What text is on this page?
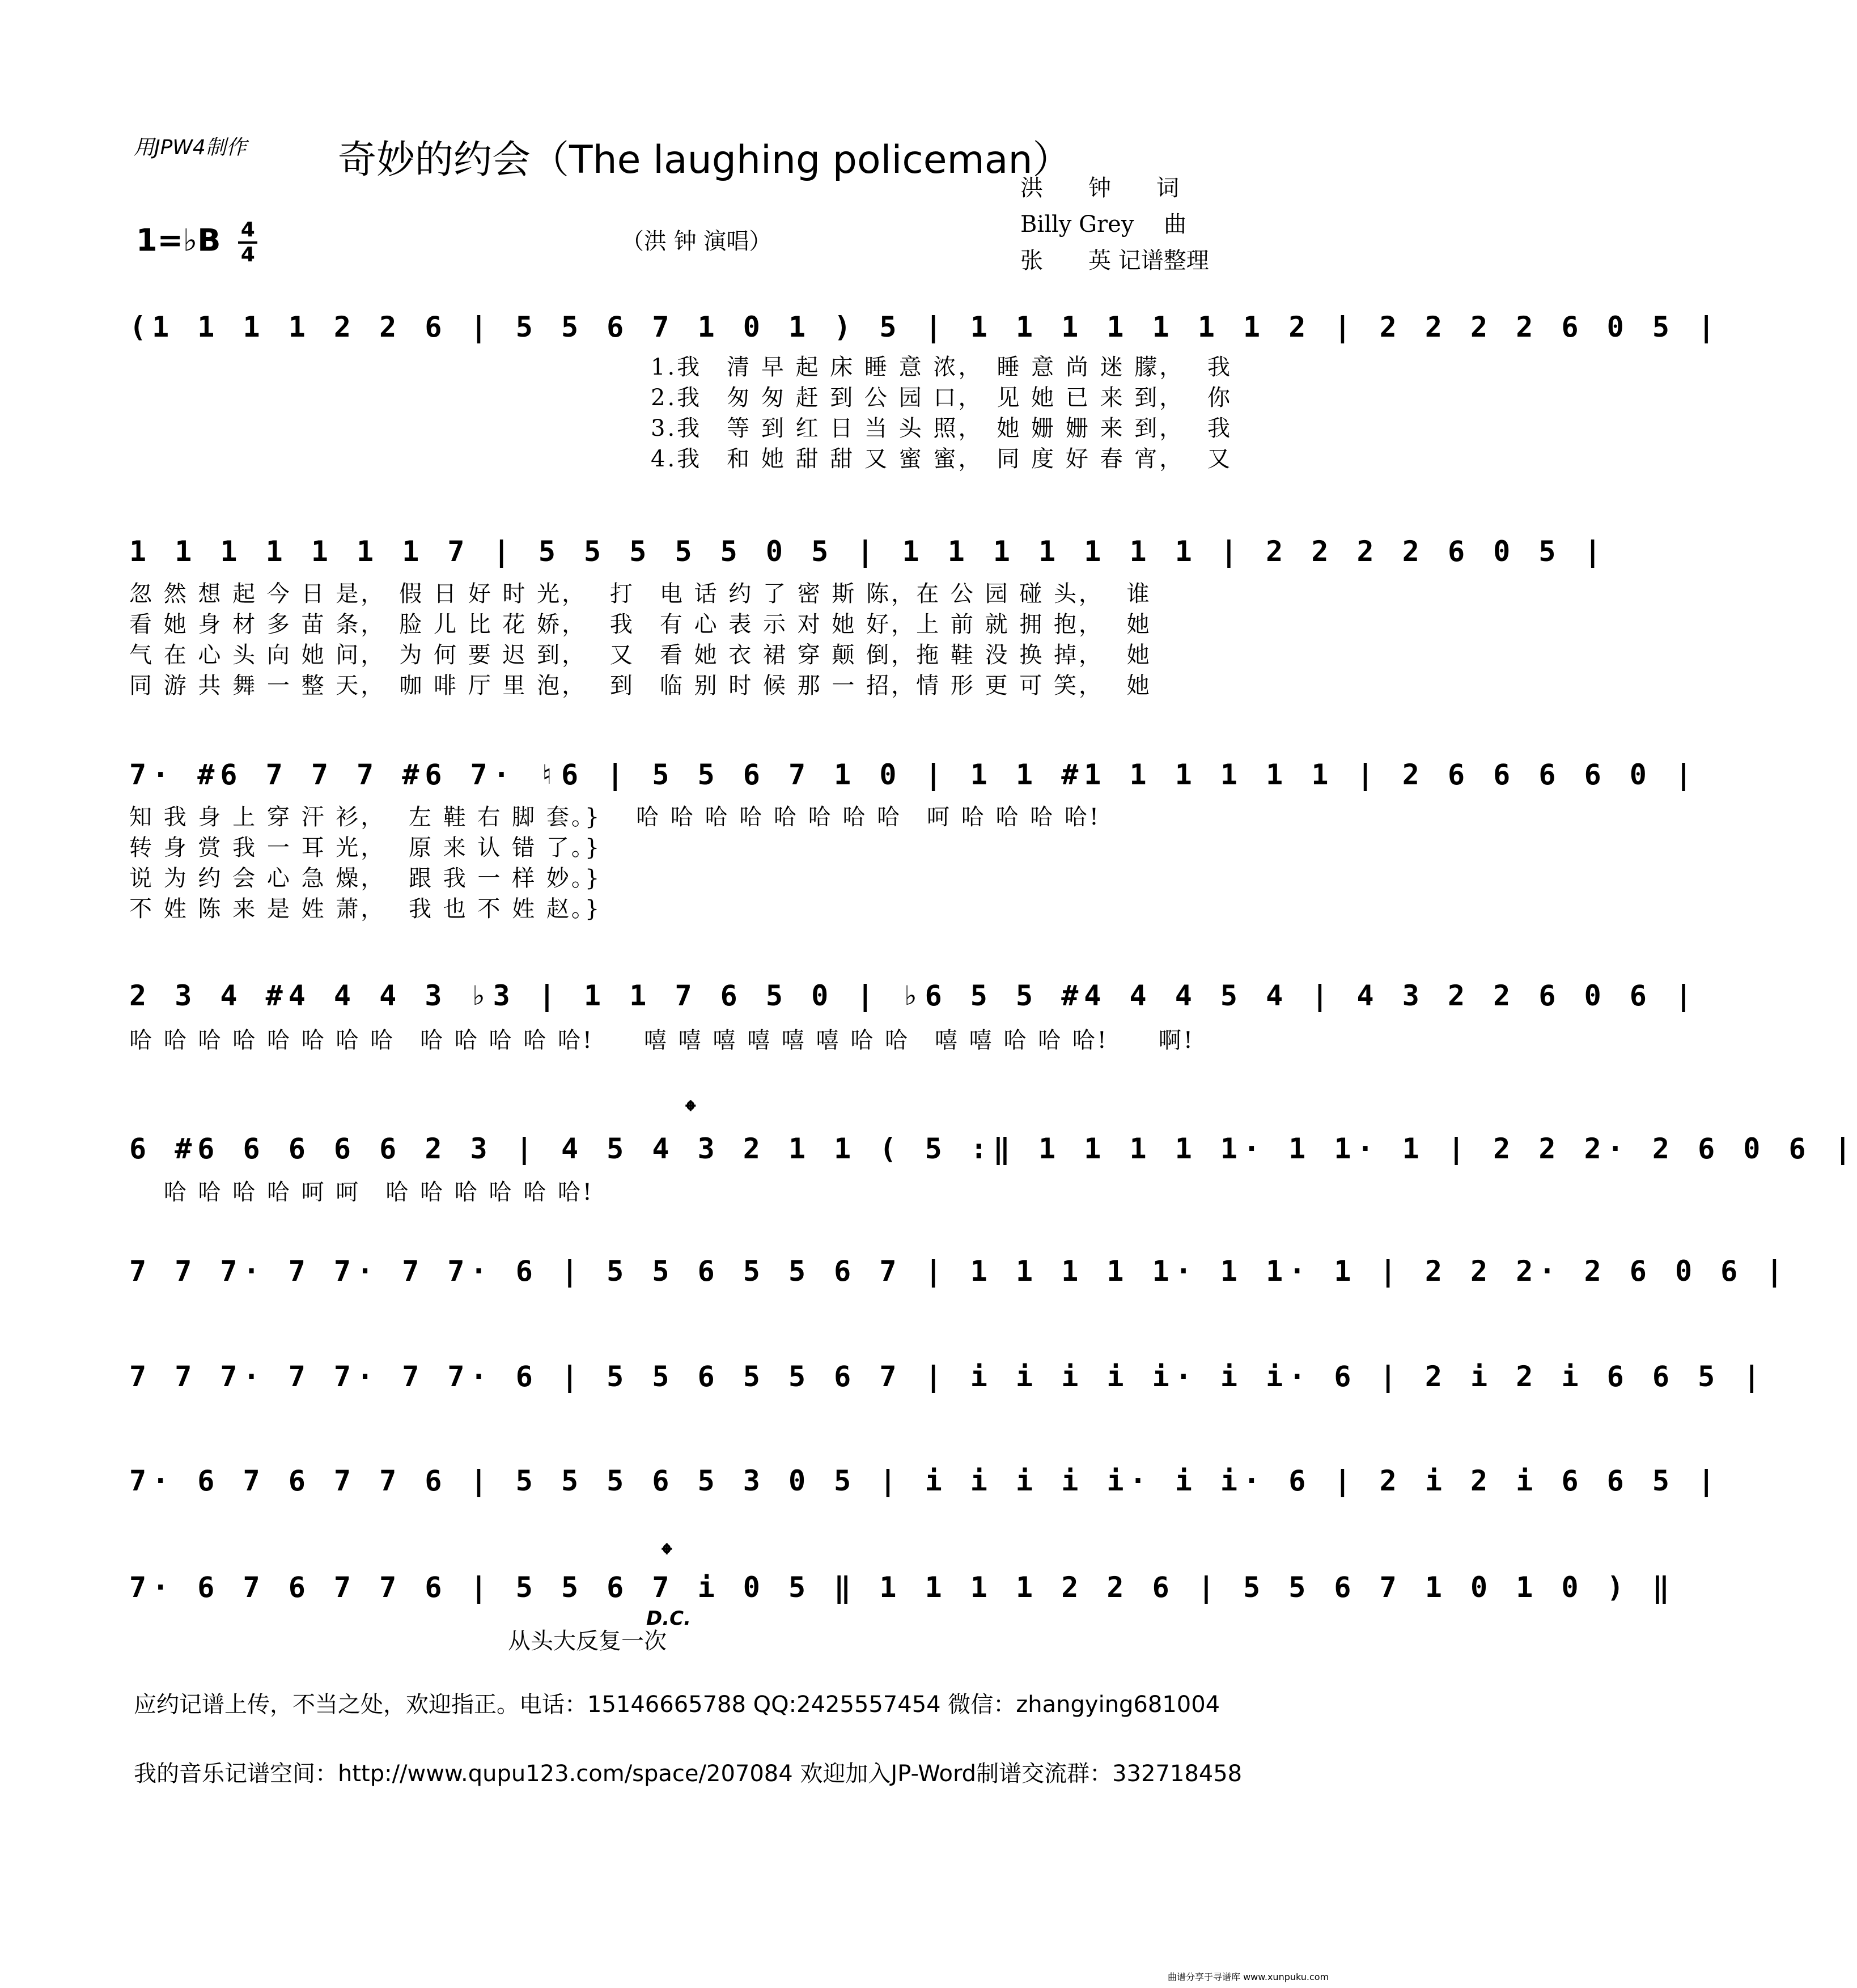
用JPW4制作 奇妙的约会（The laughing policeman）
洪　　钟　　词
Billy Grey　 曲
张　　英 记谱整理
1=♭B $\frac{4}{4}$	（洪 钟 演唱）
(1 1 1 1 2 2 6 | 5 5 6 7 1 0 1 ) 5 | 1 1 1 1 1 1 1 2 | 2 2 2 2 6 0 5 |
1.我　清 早 起 床 睡 意 浓，　睡 意 尚 迷 朦，　 我
2.我　匆 匆 赶 到 公 园 口，　见 她 已 来 到，　 你
3.我　等 到 红 日 当 头 照，　她 姗 姗 来 到，　 我
4.我　和 她 甜 甜 又 蜜 蜜，　同 度 好 春 宵，　 又
1 1 1 1 1 1 1 7 | 5 5 5 5 5 0 5 | 1 1 1 1 1 1 1 | 2 2 2 2 6 0 5 |
忽 然 想 起 今 日 是，　假 日 好 时 光，　 打　电 话 约 了 密 斯 陈，在 公 园 碰 头，　 谁
看 她 身 材 多 苗 条，　脸 儿 比 花 娇，　 我　有 心 表 示 对 她 好，上 前 就 拥 抱，　 她
气 在 心 头 向 她 问，　为 何 要 迟 到，　 又　看 她 衣 裙 穿 颠 倒，拖 鞋 没 换 掉，　 她
同 游 共 舞 一 整 天，　咖 啡 厅 里 泡，　 到　临 别 时 候 那 一 招，情 形 更 可 笑，　 她
7· #6 7 7 7 #6 7· ♮6 | 5 5 6 7 1 0 | 1 1 #1 1 1 1 1 1 | 2 6 6 6 6 0 |
知 我 身 上 穿 汗 衫，　 左 鞋 右 脚 套。}　 哈 哈 哈 哈 哈 哈 哈 哈　呵 哈 哈 哈 哈!
转 身 赏 我 一 耳 光，　 原 来 认 错 了。}
说 为 约 会 心 急 燥，　 跟 我 一 样 妙。}
不 姓 陈 来 是 姓 萧，　 我 也 不 姓 赵。}
2 3 4 #4 4 4 3 ♭3 | 1 1 7 6 5 0 | ♭6 5 5 #4 4 4 5 4 | 4 3 2 2 6 0 6 |
哈 哈 哈 哈 哈 哈 哈 哈　哈 哈 哈 哈 哈!　　嘻 嘻 嘻 嘻 嘻 嘻 哈 哈　嘻 嘻 哈 哈 哈!　　啊!
6 #6 6 6 6 6 2 3 | 4 5 4 3 2 1 1 ( 5 :‖ 1 1 1 1 1· 1 1· 1 | 2 2 2· 2 6 0 6 |
𝄌
　 哈 哈 哈 哈 呵 呵　哈 哈 哈 哈 哈 哈!
7 7 7· 7 7· 7 7· 6 | 5 5 6 5 5 6 7 | 1 1 1 1 1· 1 1· 1 | 2 2 2· 2 6 0 6 |
7 7 7· 7 7· 7 7· 6 | 5 5 6 5 5 6 7 | i i i i i· i i· 6 | 2 i 2 i 6 6 5 |
7· 6 7 6 7 7 6 | 5 5 5 6 5 3 0 5 | i i i i i· i i· 6 | 2 i 2 i 6 6 5 |
7· 6 7 6 7 7 6 | 5 5 6 7 i 0 5 ‖ 1 1 1 1 2 2 6 | 5 5 6 7 1 0 1 0 ) ‖
𝄌
D.C.
从头大反复一次
应约记谱上传，不当之处，欢迎指正。电话：15146665788 QQ:2425557454 微信：zhangying681004
我的音乐记谱空间：http://www.qupu123.com/space/207084 欢迎加入JP-Word制谱交流群：332718458
曲谱分享于寻谱库 www.xunpuku.com
